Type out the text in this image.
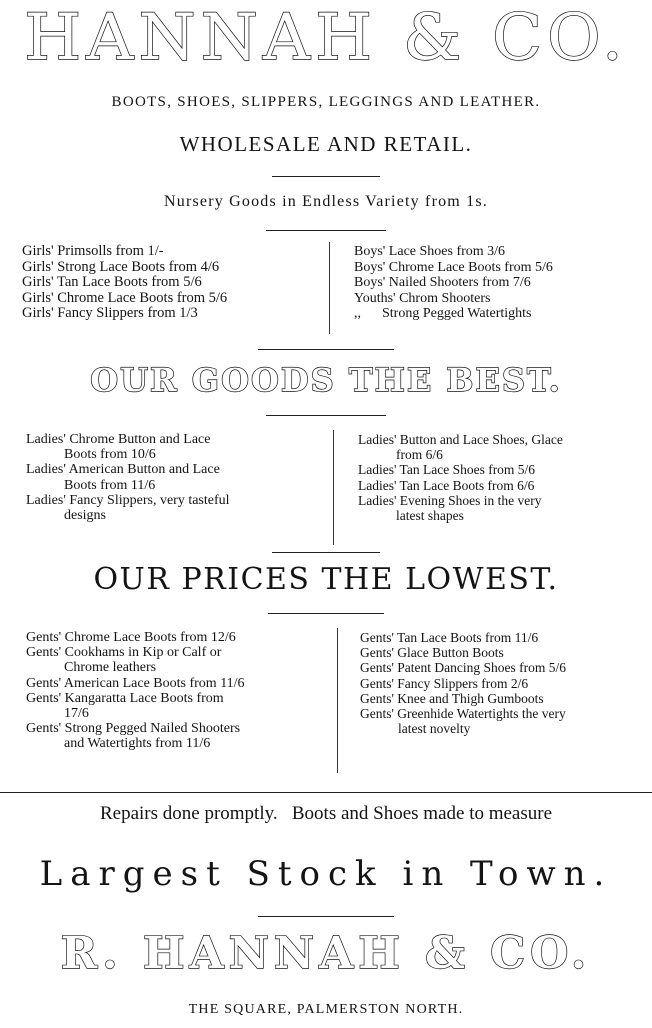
HANNAH & CO.
BOOTS, SHOES, SLIPPERS, LEGGINGS AND LEATHER.
WHOLESALE AND RETAIL.
Nursery Goods in Endless Variety from 1s.
Girls' Primsolls from 1/-
Girls' Strong Lace Boots from 4/6
Girls' Tan Lace Boots from 5/6
Girls' Chrome Lace Boots from 5/6
Girls' Fancy Slippers from 1/3
Boys' Lace Shoes from 3/6
Boys' Chrome Lace Boots from 5/6
Boys' Nailed Shooters from 7/6
Youths' Chrom Shooters
,,      Strong Pegged Watertights
OUR GOODS THE BEST.
Ladies' Chrome Button and Lace
Boots from 10/6
Ladies' American Button and Lace
Boots from 11/6
Ladies' Fancy Slippers, very tasteful
designs
Ladies' Button and Lace Shoes, Glace
from 6/6
Ladies' Tan Lace Shoes from 5/6
Ladies' Tan Lace Boots from 6/6
Ladies' Evening Shoes in the very
latest shapes
OUR PRICES THE LOWEST.
Gents' Chrome Lace Boots from 12/6
Gents' Cookhams in Kip or Calf or
Chrome leathers
Gents' American Lace Boots from 11/6
Gents' Kangaratta Lace Boots from
17/6
Gents' Strong Pegged Nailed Shooters
and Watertights from 11/6
Gents' Tan Lace Boots from 11/6
Gents' Glace Button Boots
Gents' Patent Dancing Shoes from 5/6
Gents' Fancy Slippers from 2/6
Gents' Knee and Thigh Gumboots
Gents' Greenhide Watertights the very
latest novelty
Repairs done promptly.   Boots and Shoes made to measure
Largest Stock in Town.
R. HANNAH & CO.
THE SQUARE, PALMERSTON NORTH.
